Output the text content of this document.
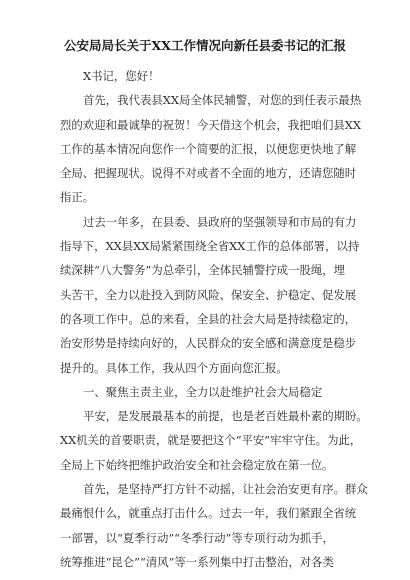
公安局局长关于XX工作情况向新任县委书记的汇报
X书记，您好！
首先，我代表县XX局全体民辅警，对您的到任表示最热
烈的欢迎和最诚挚的祝贺！今天借这个机会，我把咱们县XX
工作的基本情况向您作一个简要的汇报，以便您更快地了解
全局、把握现状。说得不对或者不全面的地方，还请您随时
指正。
过去一年多，在县委、县政府的坚强领导和市局的有力
指导下，XX县XX局紧紧围绕全省XX工作的总体部署，以持
续深耕“八大警务”为总牵引，全体民辅警拧成一股绳，埋
头苦干，全力以赴投入到防风险、保安全、护稳定、促发展
的各项工作中。总的来看，全县的社会大局是持续稳定的，
治安形势是持续向好的，人民群众的安全感和满意度是稳步
提升的。具体工作，我从四个方面向您汇报。
一、聚焦主责主业，全力以赴维护社会大局稳定
平安，是发展最基本的前提，也是老百姓最朴素的期盼。
XX机关的首要职责，就是要把这个“平安”牢牢守住。为此，
全局上下始终把维护政治安全和社会稳定放在第一位。
首先，是坚持严打方针不动摇，让社会治安更有序。群众
最痛恨什么，就重点打击什么。过去一年，我们紧跟全省统
一部署，以“夏季行动”“冬季行动”等专项行动为抓手，
统筹推进“昆仑”“清风”等一系列集中打击整治，对各类
